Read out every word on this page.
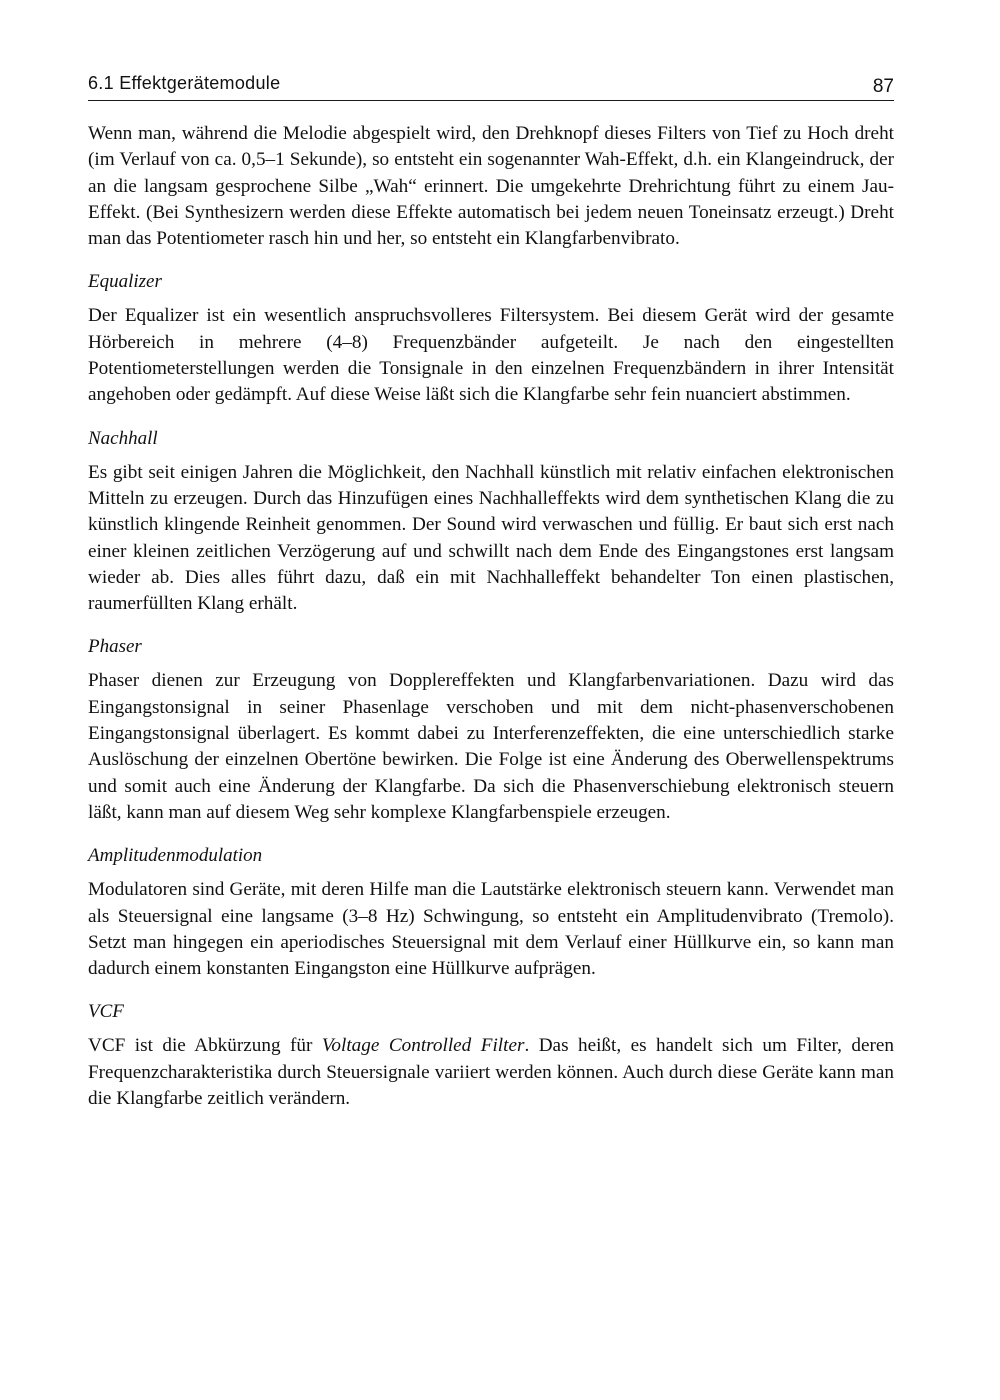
6.1 Effektgerätemodule	87

Wenn man, während die Melodie abgespielt wird, den Drehknopf dieses Filters von Tief zu Hoch dreht (im Verlauf von ca. 0,5–1 Sekunde), so entsteht ein sogenannter Wah-Effekt, d.h. ein Klangeindruck, der an die langsam gesprochene Silbe „Wah“ erinnert. Die umgekehrte Drehrichtung führt zu einem Jau-Effekt. (Bei Synthesizern werden diese Effekte automatisch bei jedem neuen Toneinsatz erzeugt.) Dreht man das Potentiometer rasch hin und her, so entsteht ein Klangfarbenvibrato.

Equalizer

Der Equalizer ist ein wesentlich anspruchsvolleres Filtersystem. Bei diesem Gerät wird der gesamte Hörbereich in mehrere (4–8) Frequenzbänder aufgeteilt. Je nach den eingestellten Potentiometerstellungen werden die Tonsignale in den einzelnen Frequenzbändern in ihrer Intensität angehoben oder gedämpft. Auf diese Weise läßt sich die Klangfarbe sehr fein nuanciert abstimmen.

Nachhall

Es gibt seit einigen Jahren die Möglichkeit, den Nachhall künstlich mit relativ einfachen elektronischen Mitteln zu erzeugen. Durch das Hinzufügen eines Nachhalleffekts wird dem synthetischen Klang die zu künstlich klingende Reinheit genommen. Der Sound wird verwaschen und füllig. Er baut sich erst nach einer kleinen zeitlichen Verzögerung auf und schwillt nach dem Ende des Eingangstones erst langsam wieder ab. Dies alles führt dazu, daß ein mit Nachhalleffekt behandelter Ton einen plastischen, raumerfüllten Klang erhält.

Phaser

Phaser dienen zur Erzeugung von Dopplereffekten und Klangfarbenvariationen. Dazu wird das Eingangstonsignal in seiner Phasenlage verschoben und mit dem nicht-phasenverschobenen Eingangstonsignal überlagert. Es kommt dabei zu Interferenzeffekten, die eine unterschiedlich starke Auslöschung der einzelnen Obertöne bewirken. Die Folge ist eine Änderung des Oberwellenspektrums und somit auch eine Änderung der Klangfarbe. Da sich die Phasenverschiebung elektronisch steuern läßt, kann man auf diesem Weg sehr komplexe Klangfarbenspiele erzeugen.

Amplitudenmodulation

Modulatoren sind Geräte, mit deren Hilfe man die Lautstärke elektronisch steuern kann. Verwendet man als Steuersignal eine langsame (3–8 Hz) Schwingung, so entsteht ein Amplitudenvibrato (Tremolo). Setzt man hingegen ein aperiodisches Steuersignal mit dem Verlauf einer Hüllkurve ein, so kann man dadurch einem konstanten Eingangston eine Hüllkurve aufprägen.

VCF

VCF ist die Abkürzung für Voltage Controlled Filter. Das heißt, es handelt sich um Filter, deren Frequenzcharakteristika durch Steuersignale variiert werden können. Auch durch diese Geräte kann man die Klangfarbe zeitlich verändern.
